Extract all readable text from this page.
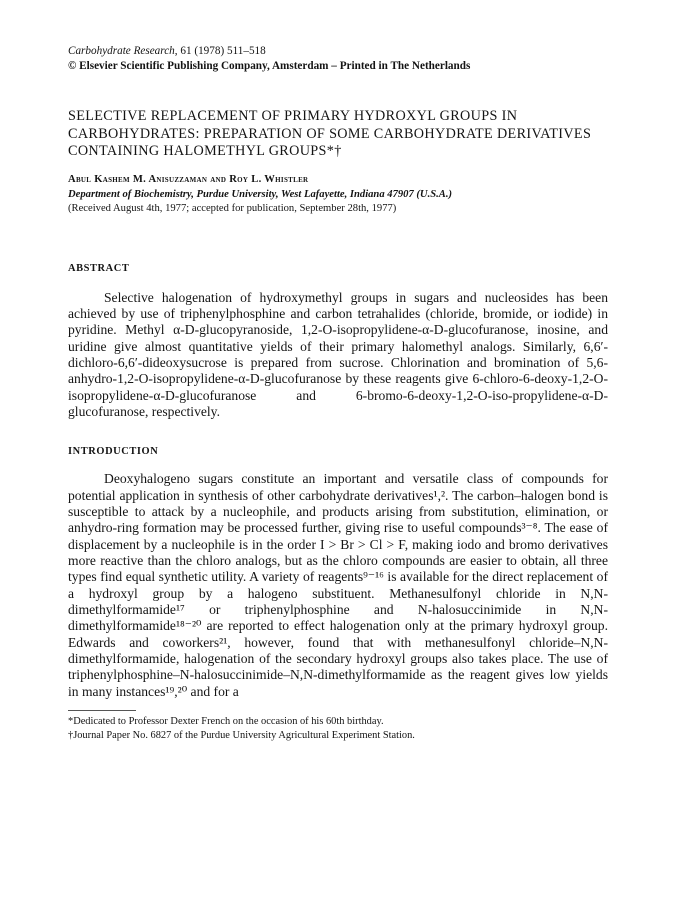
Carbohydrate Research, 61 (1978) 511–518
© Elsevier Scientific Publishing Company, Amsterdam – Printed in The Netherlands
SELECTIVE REPLACEMENT OF PRIMARY HYDROXYL GROUPS IN CARBOHYDRATES: PREPARATION OF SOME CARBOHYDRATE DERIVATIVES CONTAINING HALOMETHYL GROUPS*†
Abul Kashem M. Anisuzzaman and Roy L. Whistler
Department of Biochemistry, Purdue University, West Lafayette, Indiana 47907 (U.S.A.)
(Received August 4th, 1977; accepted for publication, September 28th, 1977)
ABSTRACT
Selective halogenation of hydroxymethyl groups in sugars and nucleosides has been achieved by use of triphenylphosphine and carbon tetrahalides (chloride, bromide, or iodide) in pyridine. Methyl α-D-glucopyranoside, 1,2-O-isopropylidene-α-D-glucofuranose, inosine, and uridine give almost quantitative yields of their primary halomethyl analogs. Similarly, 6,6′-dichloro-6,6′-dideoxysucrose is prepared from sucrose. Chlorination and bromination of 5,6-anhydro-1,2-O-isopropylidene-α-D-glucofuranose by these reagents give 6-chloro-6-deoxy-1,2-O-isopropylidene-α-D-glucofuranose and 6-bromo-6-deoxy-1,2-O-iso-propylidene-α-D-glucofuranose, respectively.
INTRODUCTION
Deoxyhalogeno sugars constitute an important and versatile class of compounds for potential application in synthesis of other carbohydrate derivatives¹,². The carbon–halogen bond is susceptible to attack by a nucleophile, and products arising from substitution, elimination, or anhydro-ring formation may be processed further, giving rise to useful compounds³⁻⁸. The ease of displacement by a nucleophile is in the order I > Br > Cl > F, making iodo and bromo derivatives more reactive than the chloro analogs, but as the chloro compounds are easier to obtain, all three types find equal synthetic utility. A variety of reagents⁹⁻¹⁶ is available for the direct replacement of a hydroxyl group by a halogeno substituent. Methanesulfonyl chloride in N,N-dimethylformamide¹⁷ or triphenylphosphine and N-halosuccinimide in N,N-dimethylformamide¹⁸⁻²⁰ are reported to effect halogenation only at the primary hydroxyl group. Edwards and coworkers²¹, however, found that with methanesulfonyl chloride–N,N-dimethylformamide, halogenation of the secondary hydroxyl groups also takes place. The use of triphenylphosphine–N-halosuccinimide–N,N-dimethylformamide as the reagent gives low yields in many instances¹⁹,²⁰ and for a
*Dedicated to Professor Dexter French on the occasion of his 60th birthday.
†Journal Paper No. 6827 of the Purdue University Agricultural Experiment Station.
